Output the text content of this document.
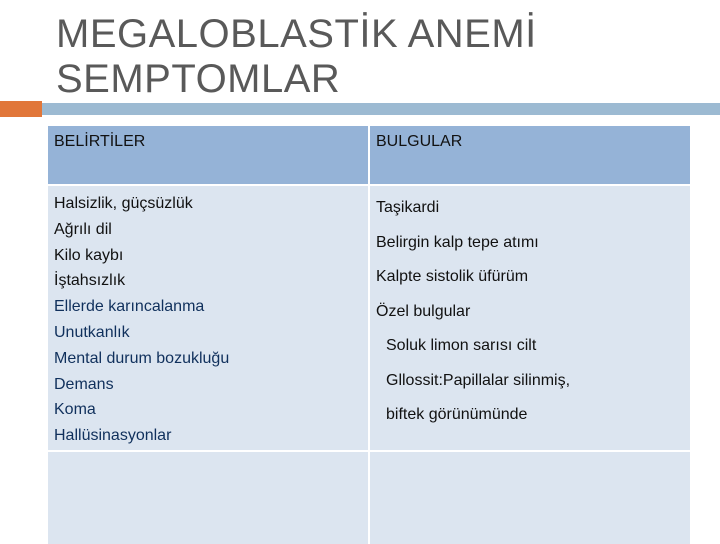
MEGALOBLASTİK ANEMİ
SEMPTOMLAR
BELİRTİLER	BULGULAR
Halsizlik, güçsüzlük
Ağrılı dil
Kilo kaybı
İştahsızlık
Ellerde karıncalanma
Unutkanlık
Mental durum bozukluğu
Demans
Koma
Hallüsinasyonlar
Taşikardi
Belirgin kalp tepe atımı
Kalpte sistolik üfürüm
Özel bulgular
Soluk limon sarısı cilt
Gllossit:Papillalar silinmiş,
biftek görünümünde
